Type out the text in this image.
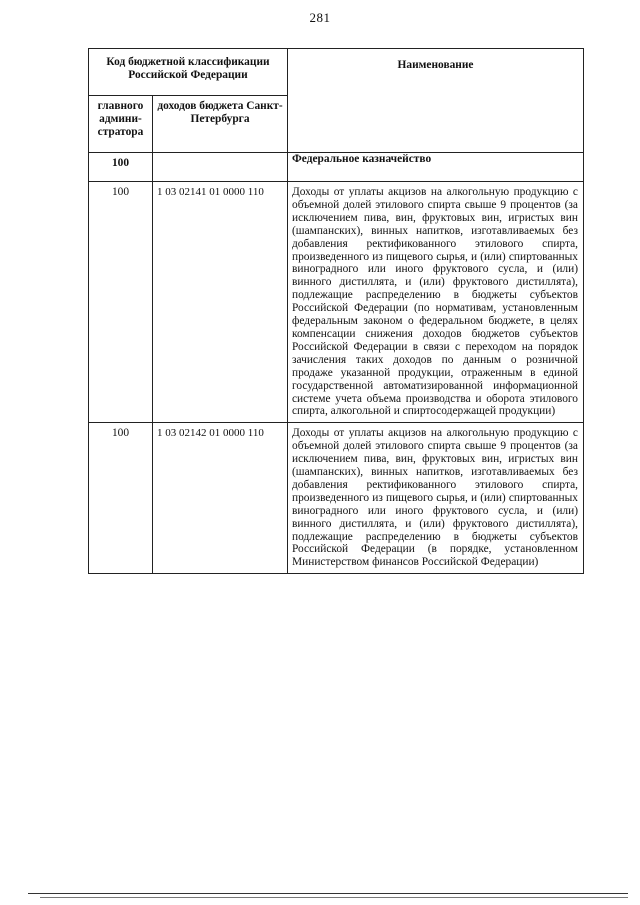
281
Код бюджетной классификации Российской Федерации		Наименование
главного админи-стратора	доходов бюджета Санкт-Петербурга	
100		Федеральное казначейство
100	1 03 02141 01 0000 110	Доходы от уплаты акцизов на алкогольную продукцию с объемной долей этилового спирта свыше 9 процентов (за исключением пива, вин, фруктовых вин, игристых вин (шампанских), винных напитков, изготавливаемых без добавления ректификованного этилового спирта, произведенного из пищевого сырья, и (или) спиртованных виноградного или иного фруктового сусла, и (или) винного дистиллята, и (или) фруктового дистиллята), подлежащие распределению в бюджеты субъектов Российской Федерации (по нормативам, установленным федеральным законом о федеральном бюджете, в целях компенсации снижения доходов бюджетов субъектов Российской Федерации в связи с переходом на порядок зачисления таких доходов по данным о розничной продаже указанной продукции, отраженным в единой государственной автоматизированной информационной системе учета объема производства и оборота этилового спирта, алкогольной и спиртосодержащей продукции)
100	1 03 02142 01 0000 110	Доходы от уплаты акцизов на алкогольную продукцию с объемной долей этилового спирта свыше 9 процентов (за исключением пива, вин, фруктовых вин, игристых вин (шампанских), винных напитков, изготавливаемых без добавления ректификованного этилового спирта, произведенного из пищевого сырья, и (или) спиртованных виноградного или иного фруктового сусла, и (или) винного дистиллята, и (или) фруктового дистиллята), подлежащие распределению в бюджеты субъектов Российской Федерации (в порядке, установленном Министерством финансов Российской Федерации)
